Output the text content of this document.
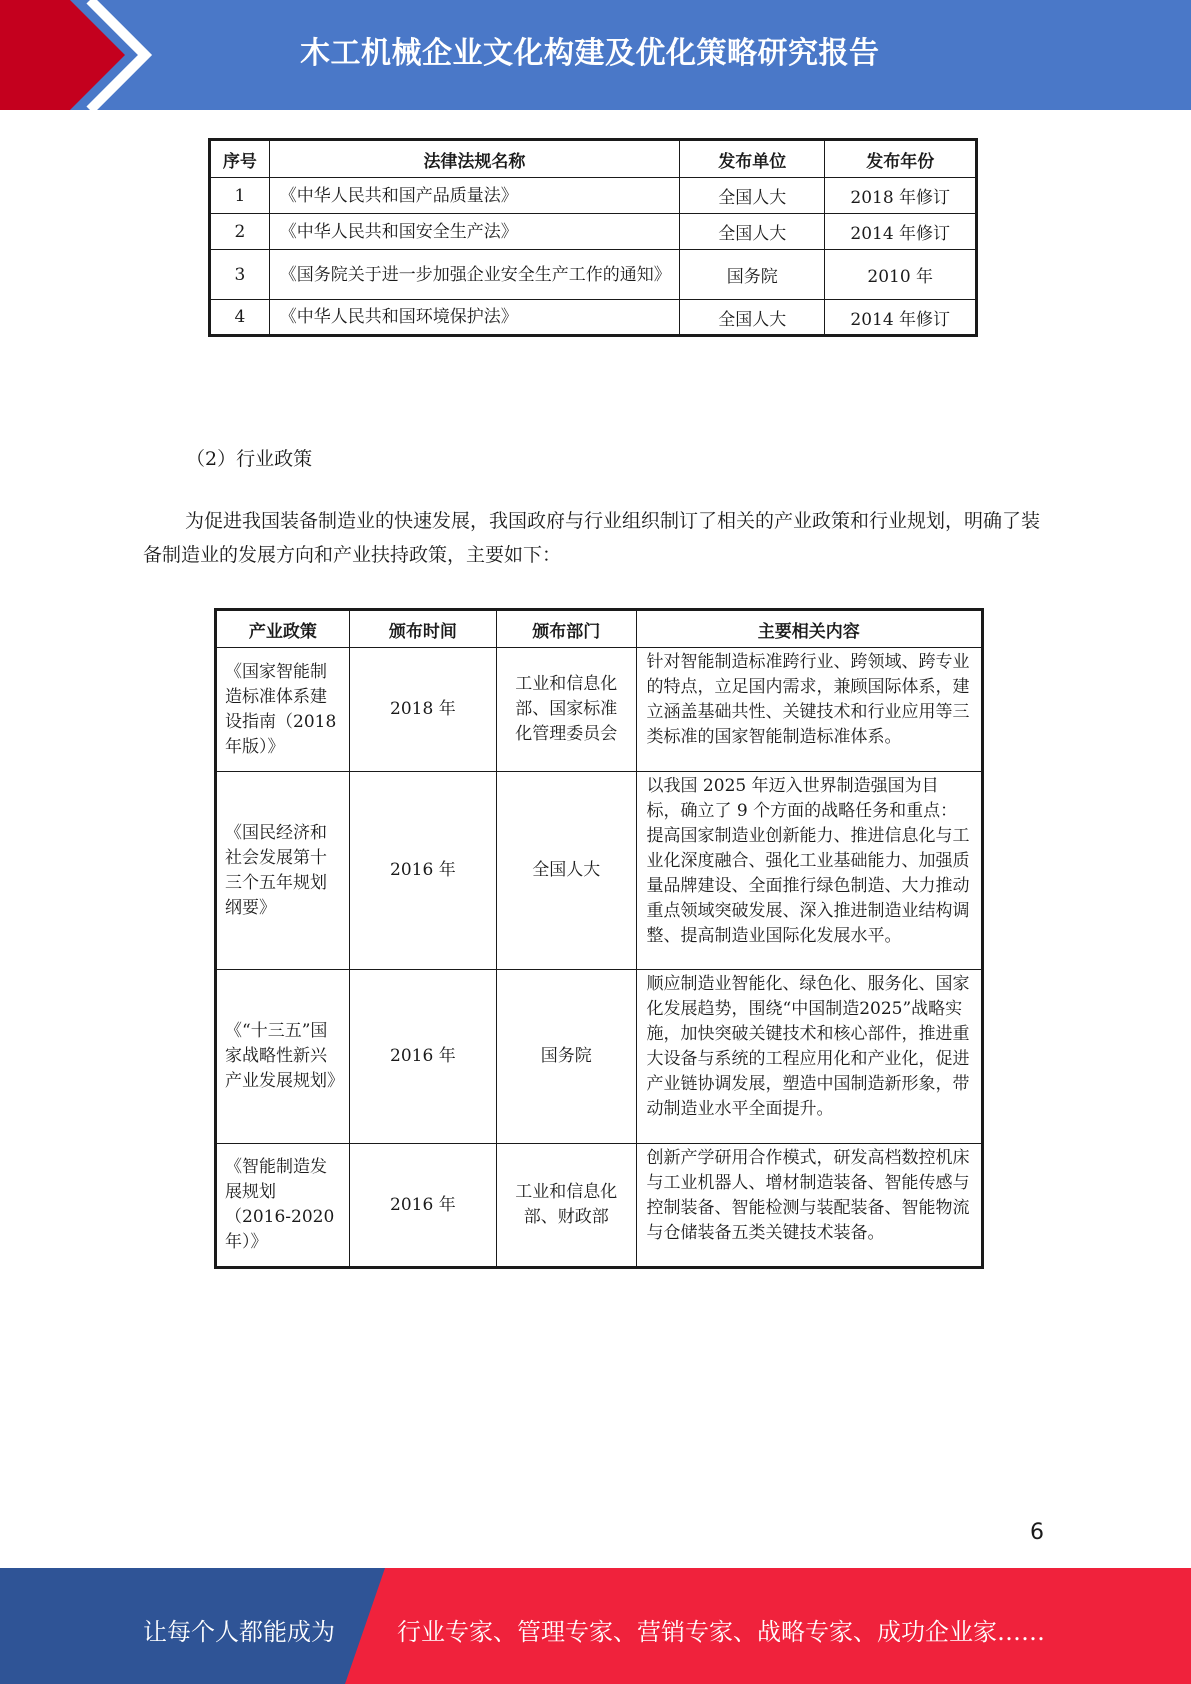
木工机械企业文化构建及优化策略研究报告
序号	法律法规名称	发布单位	发布年份
1	《中华人民共和国产品质量法》	全国人大	2018 年修订
2	《中华人民共和国安全生产法》	全国人大	2014 年修订
3	《国务院关于进一步加强企业安全生产工作的通知》	国务院	2010 年
4	《中华人民共和国环境保护法》	全国人大	2014 年修订
（2）行业政策

为促进我国装备制造业的快速发展，我国政府与行业组织制订了相关的产业政策和行业规划，明确了装备制造业的发展方向和产业扶持政策，主要如下：

产业政策	颁布时间	颁布部门	主要相关内容
《国家智能制造标准体系建设指南（2018 年版）》	2018 年	工业和信息化部、国家标准化管理委员会	针对智能制造标准跨行业、跨领域、跨专业的特点，立足国内需求，兼顾国际体系，建立涵盖基础共性、关键技术和行业应用等三类标准的国家智能制造标准体系。
《国民经济和社会发展第十三个五年规划纲要》	2016 年	全国人大	以我国 2025 年迈入世界制造强国为目标，确立了 9 个方面的战略任务和重点：提高国家制造业创新能力、推进信息化与工业化深度融合、强化工业基础能力、加强质量品牌建设、全面推行绿色制造、大力推动重点领域突破发展、深入推进制造业结构调整、提高制造业国际化发展水平。
《“十三五”国家战略性新兴产业发展规划》	2016 年	国务院	顺应制造业智能化、绿色化、服务化、国家化发展趋势，围绕“中国制造2025”战略实施，加快突破关键技术和核心部件，推进重大设备与系统的工程应用化和产业化，促进产业链协调发展，塑造中国制造新形象，带动制造业水平全面提升。
《智能制造发展规划（2016-2020 年）》	2016 年	工业和信息化部、财政部	创新产学研用合作模式，研发高档数控机床与工业机器人、增材制造装备、智能传感与控制装备、智能检测与装配装备、智能物流与仓储装备五类关键技术装备。
6
让每个人都能成为	行业专家、管理专家、营销专家、战略专家、成功企业家……
